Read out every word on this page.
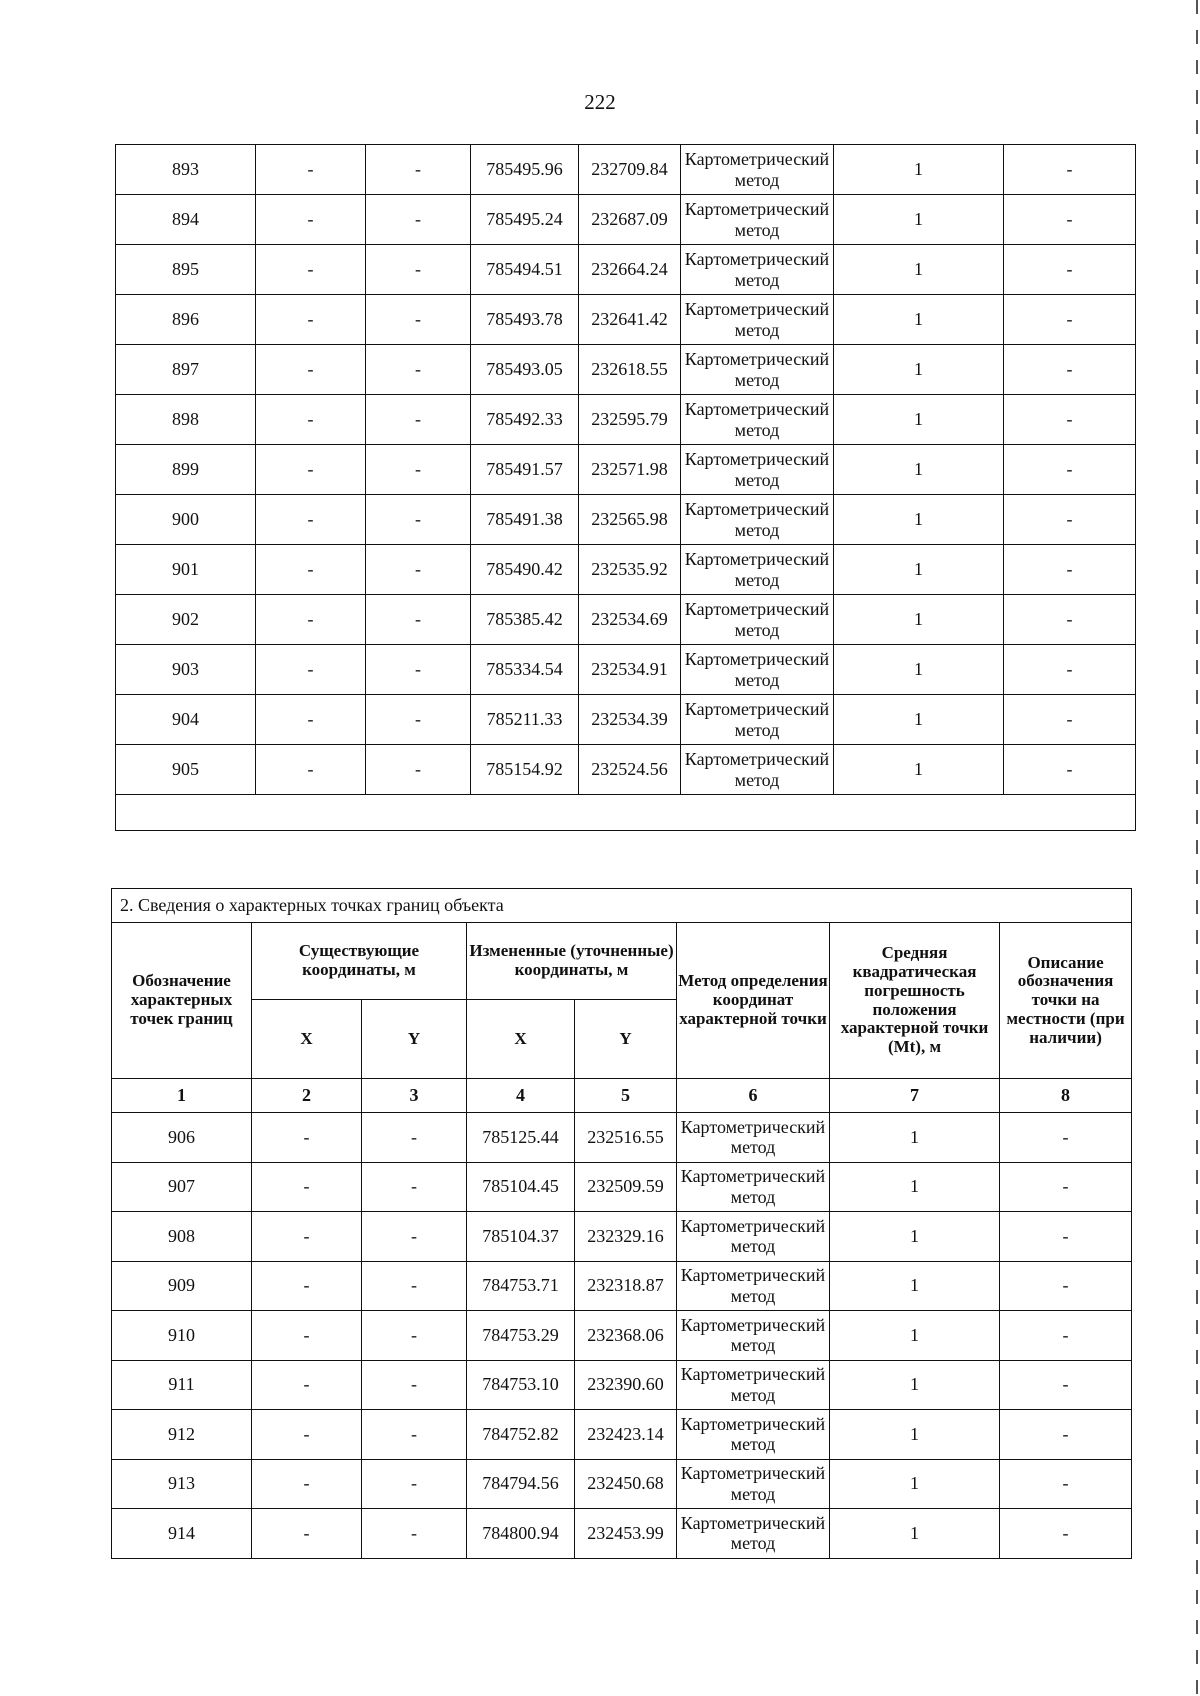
222
893	-	-	785495.96	232709.84	Картометрический метод	1	-
894	-	-	785495.24	232687.09	Картометрический метод	1	-
895	-	-	785494.51	232664.24	Картометрический метод	1	-
896	-	-	785493.78	232641.42	Картометрический метод	1	-
897	-	-	785493.05	232618.55	Картометрический метод	1	-
898	-	-	785492.33	232595.79	Картометрический метод	1	-
899	-	-	785491.57	232571.98	Картометрический метод	1	-
900	-	-	785491.38	232565.98	Картометрический метод	1	-
901	-	-	785490.42	232535.92	Картометрический метод	1	-
902	-	-	785385.42	232534.69	Картометрический метод	1	-
903	-	-	785334.54	232534.91	Картометрический метод	1	-
904	-	-	785211.33	232534.39	Картометрический метод	1	-
905	-	-	785154.92	232524.56	Картометрический метод	1	-

2. Сведения о характерных точках границ объекта							
Обозначение характерных точек границ	Существующие координаты, м		Измененные (уточненные) координаты, м		Метод определения координат характерной точки	Средняя квадратическая погрешность положения характерной точки (Mt), м	Описание обозначения точки на местности (при наличии)
	X	Y	X	Y			
1	2	3	4	5	6	7	8
906	-	-	785125.44	232516.55	Картометрический метод	1	-
907	-	-	785104.45	232509.59	Картометрический метод	1	-
908	-	-	785104.37	232329.16	Картометрический метод	1	-
909	-	-	784753.71	232318.87	Картометрический метод	1	-
910	-	-	784753.29	232368.06	Картометрический метод	1	-
911	-	-	784753.10	232390.60	Картометрический метод	1	-
912	-	-	784752.82	232423.14	Картометрический метод	1	-
913	-	-	784794.56	232450.68	Картометрический метод	1	-
914	-	-	784800.94	232453.99	Картометрический метод	1	-
